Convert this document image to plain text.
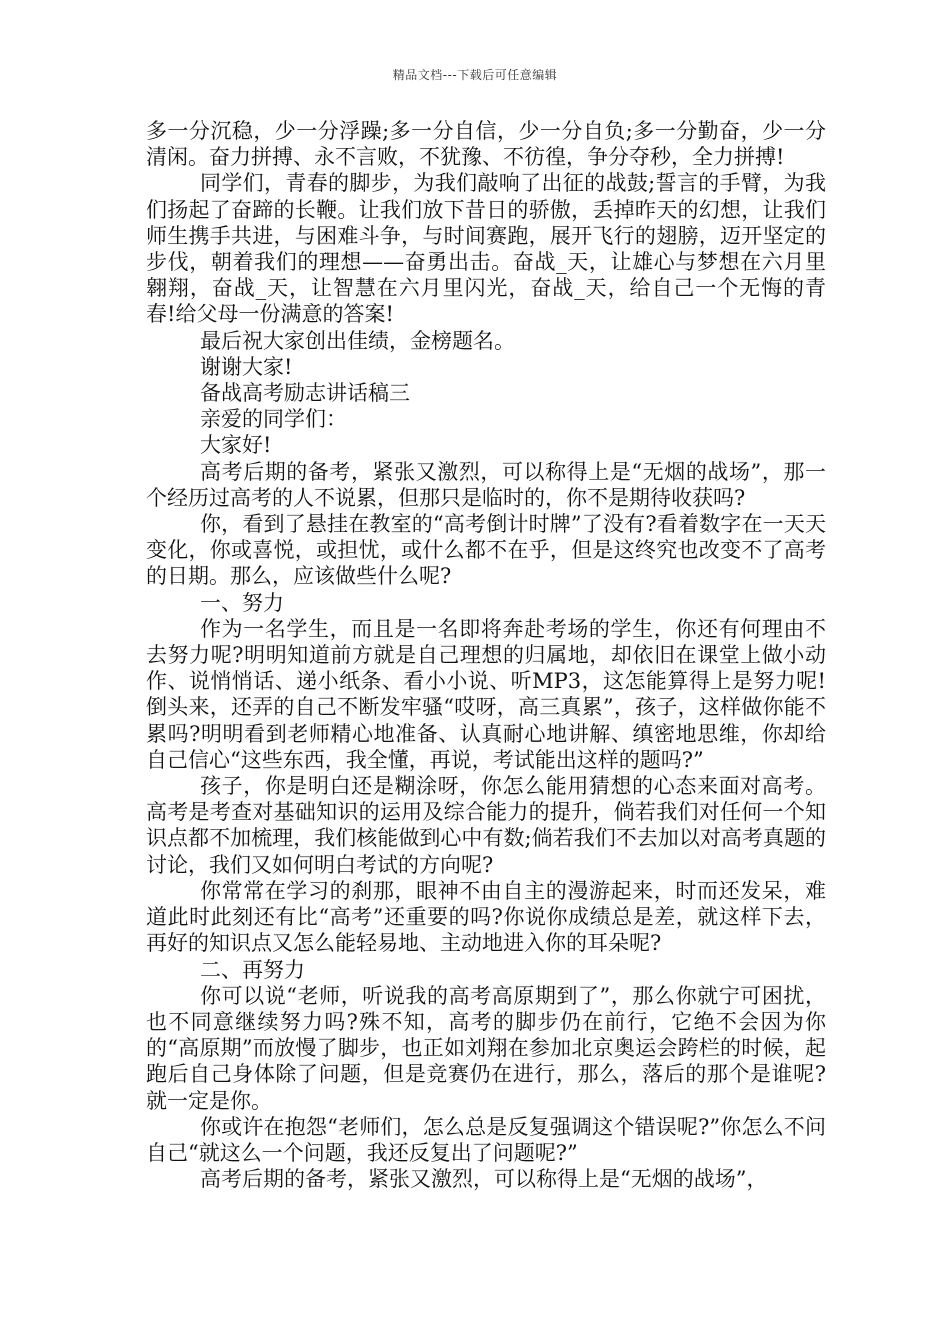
精品文档---下载后可任意编辑

多一分沉稳，少一分浮躁;多一分自信，少一分自负;多一分勤奋，少一分清闲。奋力拼搏、永不言败，不犹豫、不彷徨，争分夺秒，全力拼搏!

同学们，青春的脚步，为我们敲响了出征的战鼓;誓言的手臂，为我们扬起了奋蹄的长鞭。让我们放下昔日的骄傲，丢掉昨天的幻想，让我们师生携手共进，与困难斗争，与时间赛跑，展开飞行的翅膀，迈开坚定的步伐，朝着我们的理想——奋勇出击。奋战_天，让雄心与梦想在六月里翱翔，奋战_天，让智慧在六月里闪光，奋战_天，给自己一个无悔的青春!给父母一份满意的答案!

最后祝大家创出佳绩，金榜题名。

谢谢大家!

备战高考励志讲话稿三

亲爱的同学们：

大家好!

高考后期的备考，紧张又激烈，可以称得上是“无烟的战场”，那一个经历过高考的人不说累，但那只是临时的，你不是期待收获吗?

你，看到了悬挂在教室的“高考倒计时牌”了没有?看着数字在一天天变化，你或喜悦，或担忧，或什么都不在乎，但是这终究也改变不了高考的日期。那么，应该做些什么呢?

一、努力

作为一名学生，而且是一名即将奔赴考场的学生，你还有何理由不去努力呢?明明知道前方就是自己理想的归属地，却依旧在课堂上做小动作、说悄悄话、递小纸条、看小小说、听MP3，这怎能算得上是努力呢!倒头来，还弄的自己不断发牢骚“哎呀，高三真累”，孩子，这样做你能不累吗?明明看到老师精心地准备、认真耐心地讲解、缜密地思维，你却给自己信心“这些东西，我全懂，再说，考试能出这样的题吗?”

孩子，你是明白还是糊涂呀，你怎么能用猜想的心态来面对高考。高考是考查对基础知识的运用及综合能力的提升，倘若我们对任何一个知识点都不加梳理，我们核能做到心中有数;倘若我们不去加以对高考真题的讨论，我们又如何明白考试的方向呢?

你常常在学习的刹那，眼神不由自主的漫游起来，时而还发呆，难道此时此刻还有比“高考”还重要的吗?你说你成绩总是差，就这样下去，再好的知识点又怎么能轻易地、主动地进入你的耳朵呢?

二、再努力

你可以说“老师，听说我的高考高原期到了”，那么你就宁可困扰，也不同意继续努力吗?殊不知，高考的脚步仍在前行，它绝不会因为你的“高原期”而放慢了脚步，也正如刘翔在参加北京奥运会跨栏的时候，起跑后自己身体除了问题，但是竞赛仍在进行，那么，落后的那个是谁呢?就一定是你。

你或许在抱怨“老师们，怎么总是反复强调这个错误呢?”你怎么不问自己“就这么一个问题，我还反复出了问题呢?”

高考后期的备考，紧张又激烈，可以称得上是“无烟的战场”，
